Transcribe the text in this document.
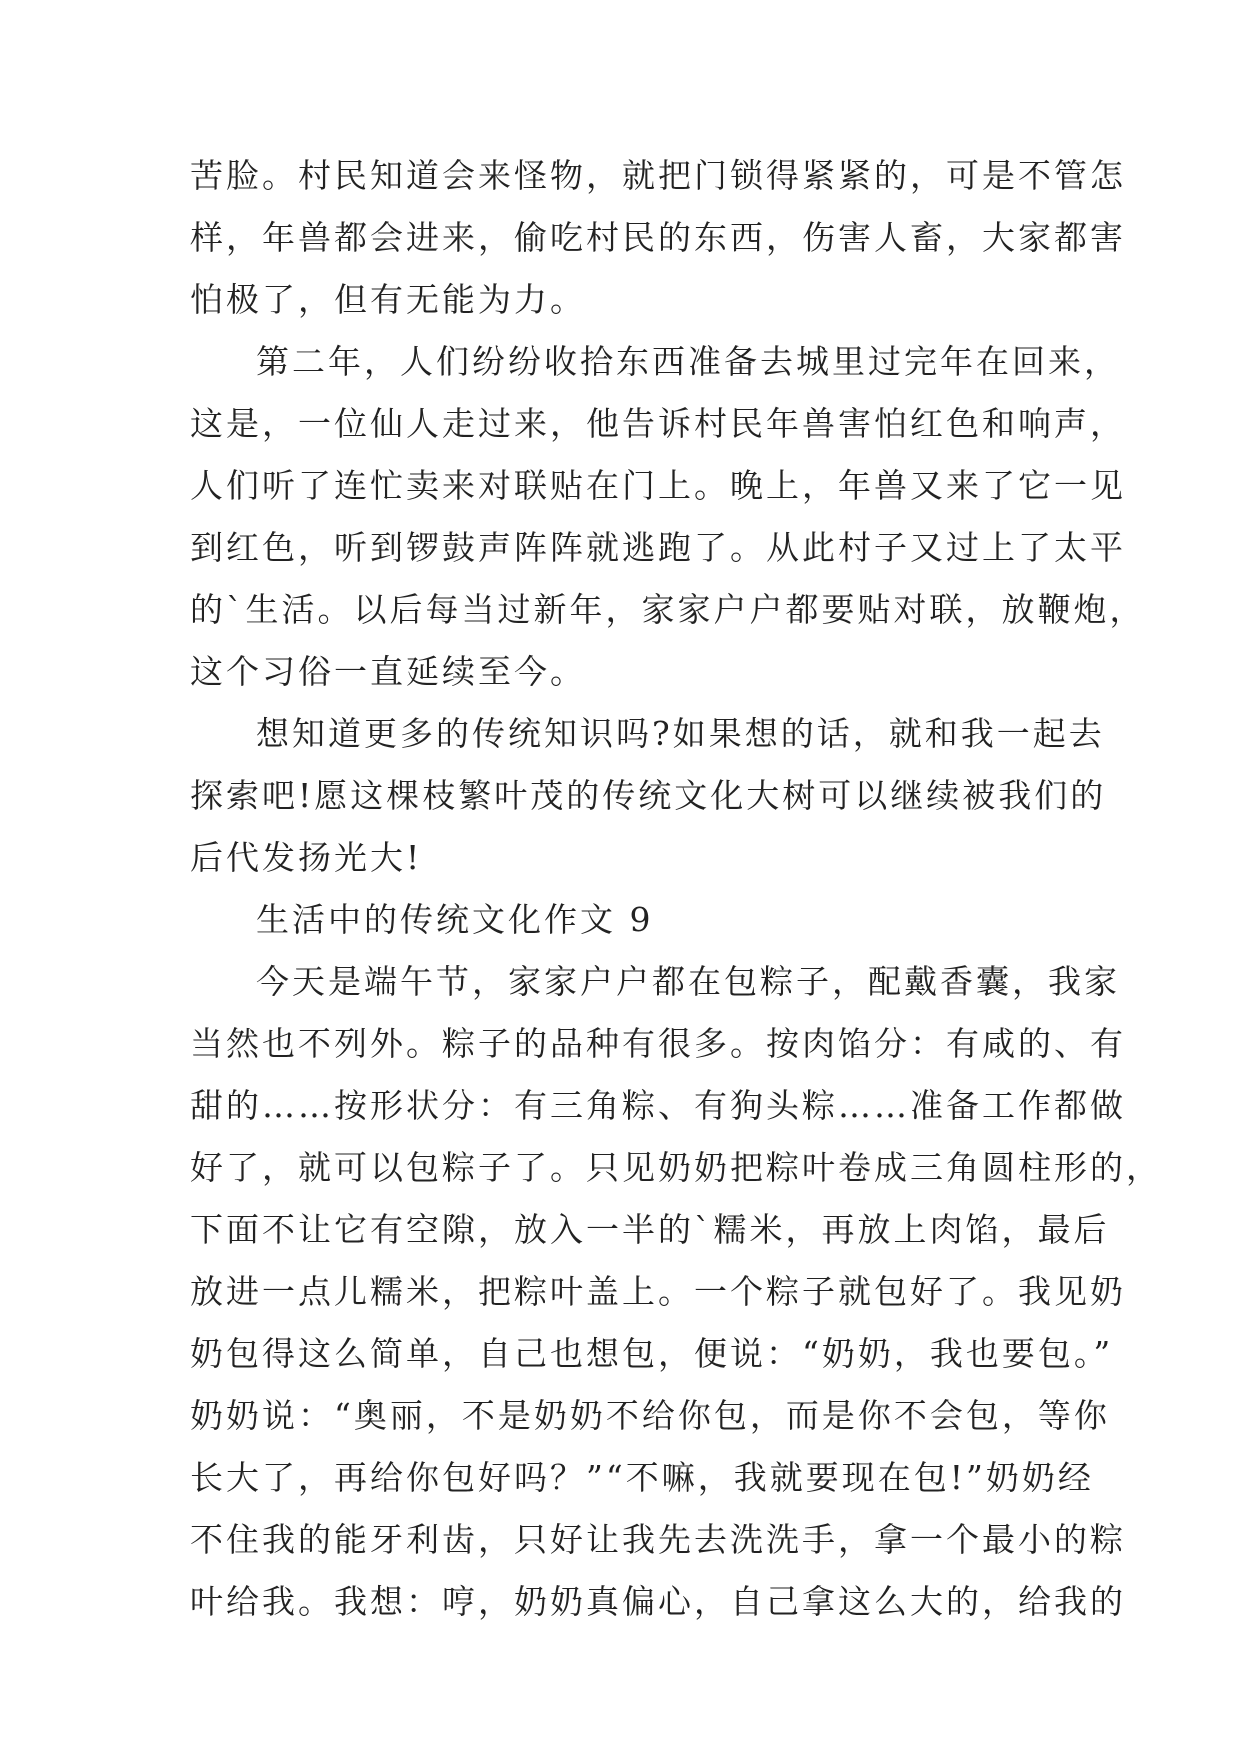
苦脸。村民知道会来怪物，就把门锁得紧紧的，可是不管怎
样，年兽都会进来，偷吃村民的东西，伤害人畜，大家都害
怕极了，但有无能为力。
第二年，人们纷纷收拾东西准备去城里过完年在回来，
这是，一位仙人走过来，他告诉村民年兽害怕红色和响声，
人们听了连忙卖来对联贴在门上。晚上，年兽又来了它一见
到红色，听到锣鼓声阵阵就逃跑了。从此村子又过上了太平
的`生活。以后每当过新年，家家户户都要贴对联，放鞭炮，
这个习俗一直延续至今。
想知道更多的传统知识吗?如果想的话，就和我一起去
探索吧!愿这棵枝繁叶茂的传统文化大树可以继续被我们的
后代发扬光大!
生活中的传统文化作文 9
今天是端午节，家家户户都在包粽子，配戴香囊，我家
当然也不列外。粽子的品种有很多。按肉馅分：有咸的、有
甜的……按形状分：有三角粽、有狗头粽……准备工作都做
好了，就可以包粽子了。只见奶奶把粽叶卷成三角圆柱形的，
下面不让它有空隙，放入一半的`糯米，再放上肉馅，最后
放进一点儿糯米，把粽叶盖上。一个粽子就包好了。我见奶
奶包得这么简单，自己也想包，便说：“奶奶，我也要包。”
奶奶说：“奥丽，不是奶奶不给你包，而是你不会包，等你
长大了，再给你包好吗？”“不嘛，我就要现在包!”奶奶经
不住我的能牙利齿，只好让我先去洗洗手，拿一个最小的粽
叶给我。我想：哼，奶奶真偏心，自己拿这么大的，给我的
